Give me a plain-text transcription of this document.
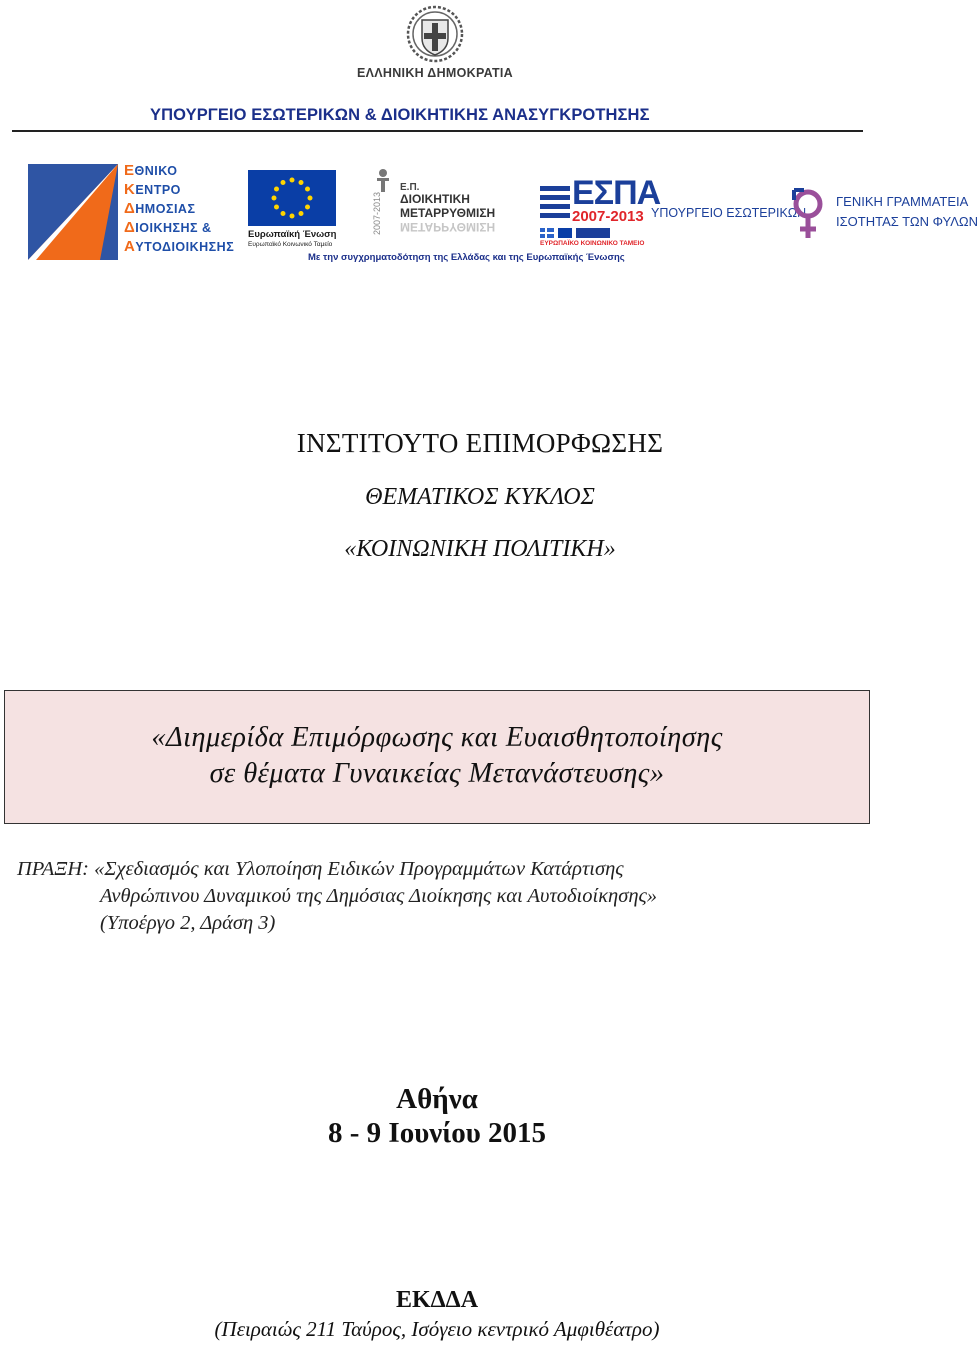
ΕΛΛΗΝΙΚΗ ΔΗΜΟΚΡΑΤΙΑ
ΥΠΟΥΡΓΕΙΟ ΕΣΩΤΕΡΙΚΩΝ & ΔΙΟΙΚΗΤΙΚΗΣ ΑΝΑΣΥΓΚΡΟΤΗΣΗΣ
ΕΘΝΙΚΟ
ΚΕΝΤΡΟ
ΔΗΜΟΣΙΑΣ
ΔΙΟΙΚΗΣΗΣ &
ΑΥΤΟΔΙΟΙΚΗΣΗΣ
Ευρωπαϊκή Ένωση
Ευρωπαϊκό Κοινωνικό Ταμείο
2007-2013
Ε.Π.
ΔΙΟΙΚΗΤΙΚΗ
ΜΕΤΑΡΡΥΘΜΙΣΗ
ΜΕΤΑΡΡΥΘΜΙΣΗ
Με την συγχρηματοδότηση της Ελλάδας και της Ευρωπαϊκής Ένωσης
ΕΣΠΑ
2007-2013 ΥΠΟΥΡΓΕΙΟ ΕΣΩΤΕΡΙΚΩΝ
ΕΥΡΩΠΑΪΚΟ ΚΟΙΝΩΝΙΚΟ ΤΑΜΕΙΟ
ΓΕΝΙΚΗ ΓΡΑΜΜΑΤΕΙΑ
ΙΣΟΤΗΤΑΣ ΤΩΝ ΦΥΛΩΝ
ΙΝΣΤΙΤΟΥΤΟ ΕΠΙΜΟΡΦΩΣΗΣ
ΘΕΜΑΤΙΚΟΣ ΚΥΚΛΟΣ
«ΚΟΙΝΩΝΙΚΗ ΠΟΛΙΤΙΚΗ»
«Διημερίδα Επιμόρφωσης και Ευαισθητοποίησης
σε θέματα Γυναικείας Μετανάστευσης»
ΠΡΑΞΗ: «Σχεδιασμός και Υλοποίηση Ειδικών Προγραμμάτων Κατάρτισης
Ανθρώπινου Δυναμικού της Δημόσιας Διοίκησης και Αυτοδιοίκησης»
(Υποέργο 2, Δράση 3)
Αθήνα
8 - 9 Ιουνίου 2015
ΕΚΔΔΑ
(Πειραιώς 211 Ταύρος, Ισόγειο κεντρικό Αμφιθέατρο)
